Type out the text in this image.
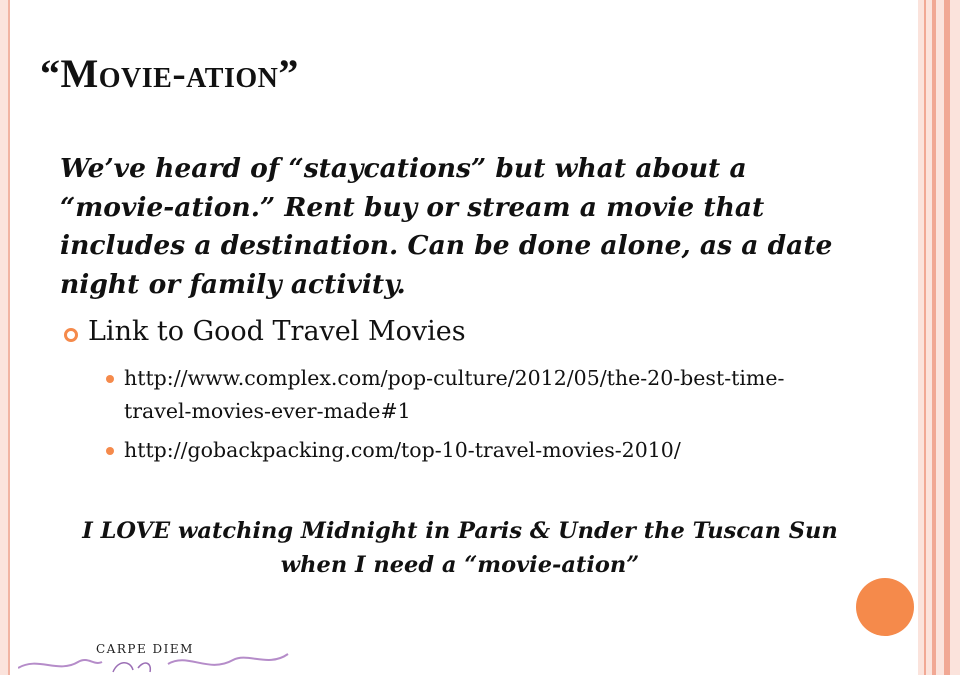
“Movie-ation”

We’ve heard of “staycations” but what about a “movie-ation.” Rent buy or stream a movie that includes a destination. Can be done alone, as a date night or family activity.

Link to Good Travel Movies
http://www.complex.com/pop-culture/2012/05/the-20-best-time-travel-movies-ever-made#1
http://gobackpacking.com/top-10-travel-movies-2010/

I LOVE watching Midnight in Paris & Under the Tuscan Sun when I need a “movie-ation”

CARPE DIEM
